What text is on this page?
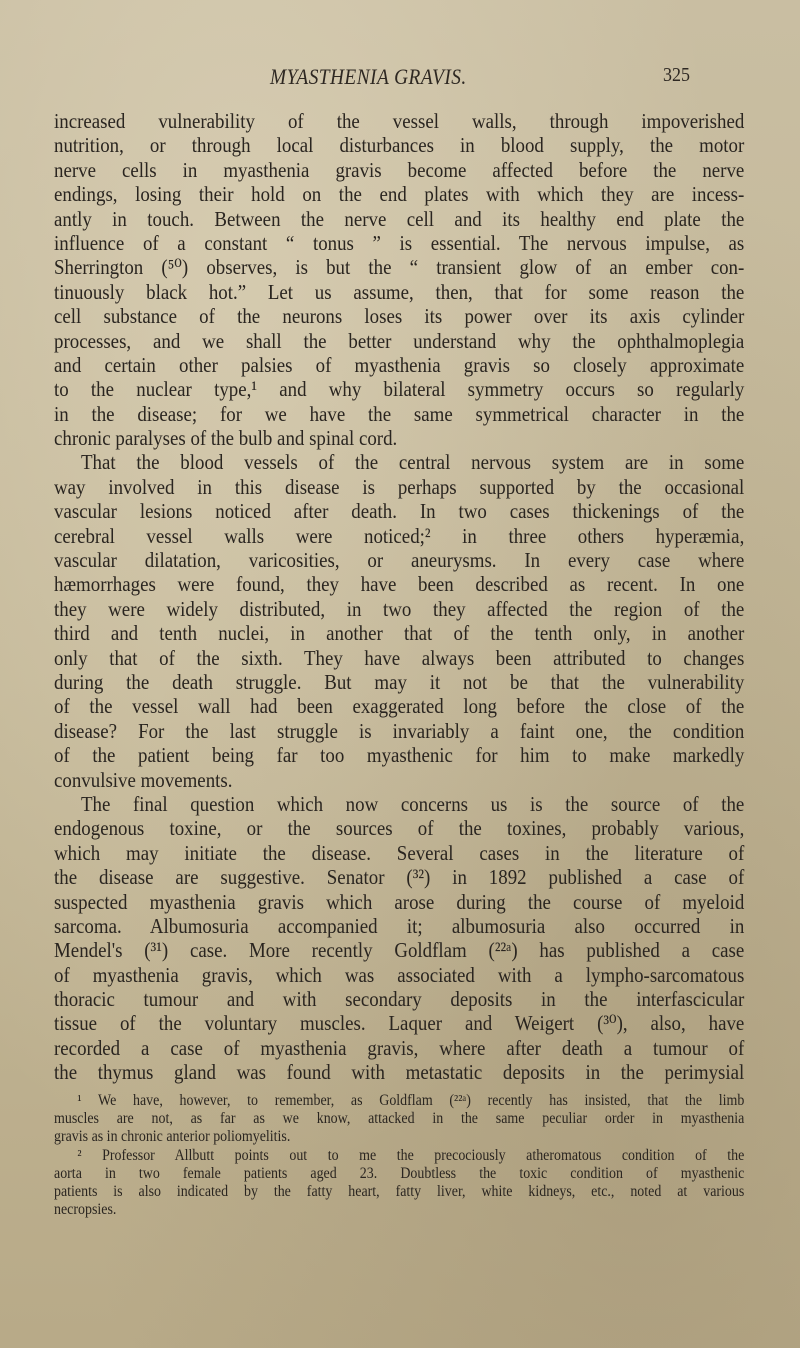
MYASTHENIA GRAVIS.	325
increased vulnerability of the vessel walls, through impoverished
nutrition, or through local disturbances in blood supply, the motor
nerve cells in myasthenia gravis become affected before the nerve
endings, losing their hold on the end plates with which they are incess-
antly in touch. Between the nerve cell and its healthy end plate the
influence of a constant “ tonus ” is essential. The nervous impulse, as
Sherrington (⁵⁰) observes, is but the “ transient glow of an ember con-
tinuously black hot.” Let us assume, then, that for some reason the
cell substance of the neurons loses its power over its axis cylinder
processes, and we shall the better understand why the ophthalmoplegia
and certain other palsies of myasthenia gravis so closely approximate
to the nuclear type,¹ and why bilateral symmetry occurs so regularly
in the disease; for we have the same symmetrical character in the
chronic paralyses of the bulb and spinal cord.
That the blood vessels of the central nervous system are in some
way involved in this disease is perhaps supported by the occasional
vascular lesions noticed after death. In two cases thickenings of the
cerebral vessel walls were noticed;² in three others hyperæmia,
vascular dilatation, varicosities, or aneurysms. In every case where
hæmorrhages were found, they have been described as recent. In one
they were widely distributed, in two they affected the region of the
third and tenth nuclei, in another that of the tenth only, in another
only that of the sixth. They have always been attributed to changes
during the death struggle. But may it not be that the vulnerability
of the vessel wall had been exaggerated long before the close of the
disease? For the last struggle is invariably a faint one, the condition
of the patient being far too myasthenic for him to make markedly
convulsive movements.
The final question which now concerns us is the source of the
endogenous toxine, or the sources of the toxines, probably various,
which may initiate the disease. Several cases in the literature of
the disease are suggestive. Senator (³²) in 1892 published a case of
suspected myasthenia gravis which arose during the course of myeloid
sarcoma. Albumosuria accompanied it; albumosuria also occurred in
Mendel's (³¹) case. More recently Goldflam (²²ᵃ) has published a case
of myasthenia gravis, which was associated with a lympho-sarcomatous
thoracic tumour and with secondary deposits in the interfascicular
tissue of the voluntary muscles. Laquer and Weigert (³⁰), also, have
recorded a case of myasthenia gravis, where after death a tumour of
the thymus gland was found with metastatic deposits in the perimysial
¹ We have, however, to remember, as Goldflam (²²ᵃ) recently has insisted, that the limb
muscles are not, as far as we know, attacked in the same peculiar order in myasthenia
gravis as in chronic anterior poliomyelitis.
² Professor Allbutt points out to me the precociously atheromatous condition of the
aorta in two female patients aged 23. Doubtless the toxic condition of myasthenic
patients is also indicated by the fatty heart, fatty liver, white kidneys, etc., noted at various
necropsies.
